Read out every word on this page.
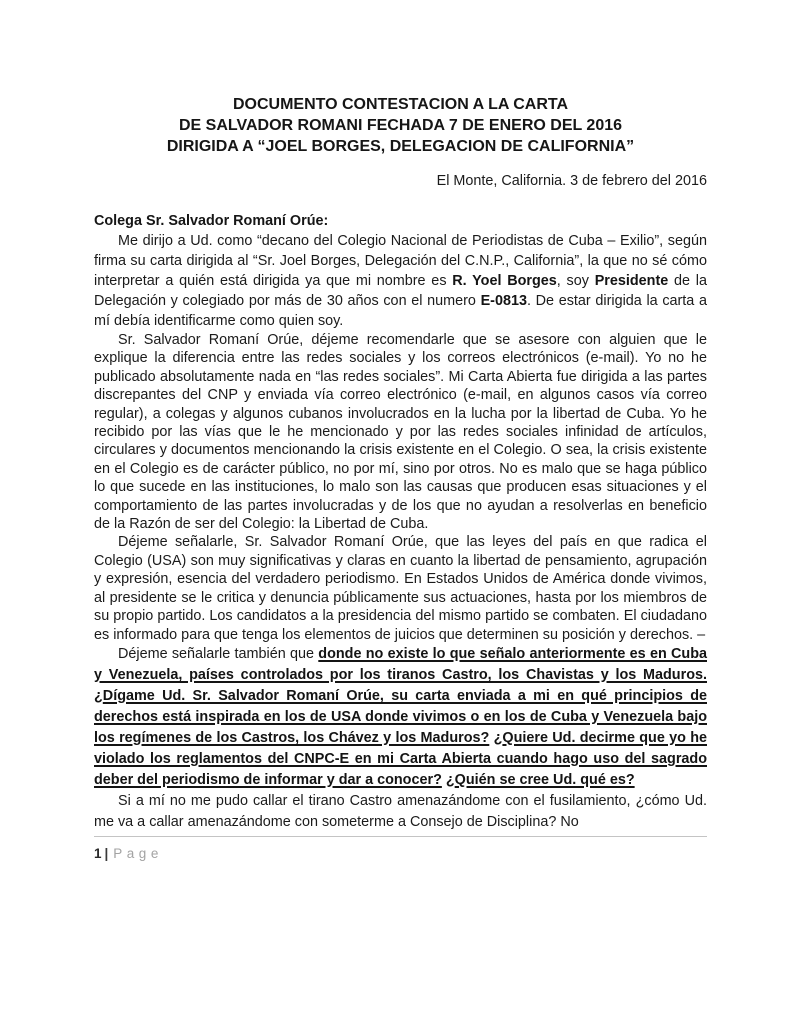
DOCUMENTO CONTESTACION A LA CARTA
DE SALVADOR ROMANI FECHADA 7 DE ENERO DEL 2016
DIRIGIDA A “JOEL BORGES, DELEGACION DE CALIFORNIA”
El Monte, California. 3 de febrero del 2016
Colega Sr. Salvador Romaní Orúe:

Me dirijo a Ud. como “decano del Colegio Nacional de Periodistas de Cuba – Exilio”, según firma su carta dirigida al “Sr. Joel Borges, Delegación del C.N.P., California”, la que no sé cómo interpretar a quién está dirigida ya que mi nombre es R. Yoel Borges, soy Presidente de la Delegación y colegiado por más de 30 años con el numero E-0813. De estar dirigida la carta a mí debía identificarme como quien soy.

Sr. Salvador Romaní Orúe, déjeme recomendarle que se asesore con alguien que le explique la diferencia entre las redes sociales y los correos electrónicos (e-mail). Yo no he publicado absolutamente nada en “las redes sociales”. Mi Carta Abierta fue dirigida a las partes discrepantes del CNP y enviada vía correo electrónico (e-mail, en algunos casos vía correo regular), a colegas y algunos cubanos involucrados en la lucha por la libertad de Cuba. Yo he recibido por las vías que le he mencionado y por las redes sociales infinidad de artículos, circulares y documentos mencionando la crisis existente en el Colegio. O sea, la crisis existente en el Colegio es de carácter público, no por mí, sino por otros. No es malo que se haga público lo que sucede en las instituciones, lo malo son las causas que producen esas situaciones y el comportamiento de las partes involucradas y de los que no ayudan a resolverlas en beneficio de la Razón de ser del Colegio: la Libertad de Cuba.

Déjeme señalarle, Sr. Salvador Romaní Orúe, que las leyes del país en que radica el Colegio (USA) son muy significativas y claras en cuanto la libertad de pensamiento, agrupación y expresión, esencia del verdadero periodismo. En Estados Unidos de América donde vivimos, al presidente se le critica y denuncia públicamente sus actuaciones, hasta por los miembros de su propio partido. Los candidatos a la presidencia del mismo partido se combaten. El ciudadano es informado para que tenga los elementos de juicios que determinen su posición y derechos. –

Déjeme señalarle también que donde no existe lo que señalo anteriormente es en Cuba y Venezuela, países controlados por los tiranos Castro, los Chavistas y los Maduros. ¿Dígame Ud. Sr. Salvador Romaní Orúe, su carta enviada a mi en qué principios de derechos está inspirada en los de USA donde vivimos o en los de Cuba y Venezuela bajo los regímenes de los Castros, los Chávez y los Maduros? ¿Quiere Ud. decirme que yo he violado los reglamentos del CNPC-E en mi Carta Abierta cuando hago uso del sagrado deber del periodismo de informar y dar a conocer? ¿Quién se cree Ud. qué es?

Si a mí no me pudo callar el tirano Castro amenazándome con el fusilamiento, ¿cómo Ud. me va a callar amenazándome con someterme a Consejo de Disciplina? No

1 | Page
